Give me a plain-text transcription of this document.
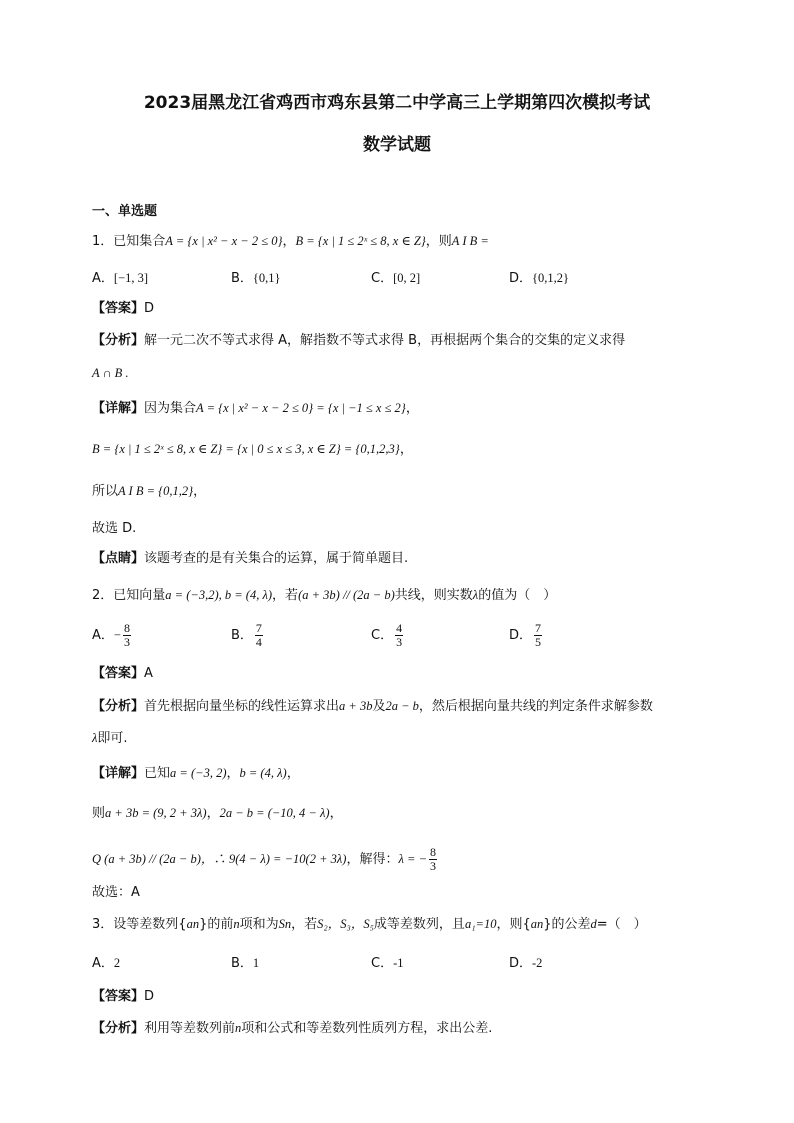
2023届黑龙江省鸡西市鸡东县第二中学高三上学期第四次模拟考试
数学试题
一、单选题
1．已知集合A = {x | x² − x − 2 ≤ 0}，B = {x | 1 ≤ 2ˣ ≤ 8, x ∈ Z}，则A I B =
A．[−1, 3]	B．{0,1}	C．[0, 2]	D．{0,1,2}
【答案】D
【分析】解一元二次不等式求得 A，解指数不等式求得 B，再根据两个集合的交集的定义求得
A ∩ B .
【详解】因为集合A = {x | x² − x − 2 ≤ 0} = {x | −1 ≤ x ≤ 2}，
B = {x | 1 ≤ 2ˣ ≤ 8, x ∈ Z} = {x | 0 ≤ x ≤ 3, x ∈ Z} = {0,1,2,3}，
所以A I B = {0,1,2}，
故选 D.
【点睛】该题考查的是有关集合的运算，属于简单题目.
2．已知向量a = (−3,2), b = (4, λ)，若(a + 3b) // (2a − b)共线，则实数λ的值为（　）
A．− $\frac{8}{3}$	B． $\frac{7}{4}$	C． $\frac{4}{3}$	D． $\frac{7}{5}$
【答案】A
【分析】首先根据向量坐标的线性运算求出a + 3b及2a − b，然后根据向量共线的判定条件求解参数
λ即可.
【详解】已知a = (−3, 2)，b = (4, λ)，
则a + 3b = (9, 2 + 3λ)，2a − b = (−10, 4 − λ)，
Q (a + 3b) // (2a − b)，∴ 9(4 − λ) = −10(2 + 3λ)，解得：λ = − $\frac{8}{3}$
故选：A
3．设等差数列{an}的前n项和为Sn，若S₂，S₃，S₅成等差数列，且a₁=10，则{an}的公差d=（　）
A．2	B．1	C．-1	D．-2
【答案】D
【分析】利用等差数列前n项和公式和等差数列性质列方程，求出公差.
